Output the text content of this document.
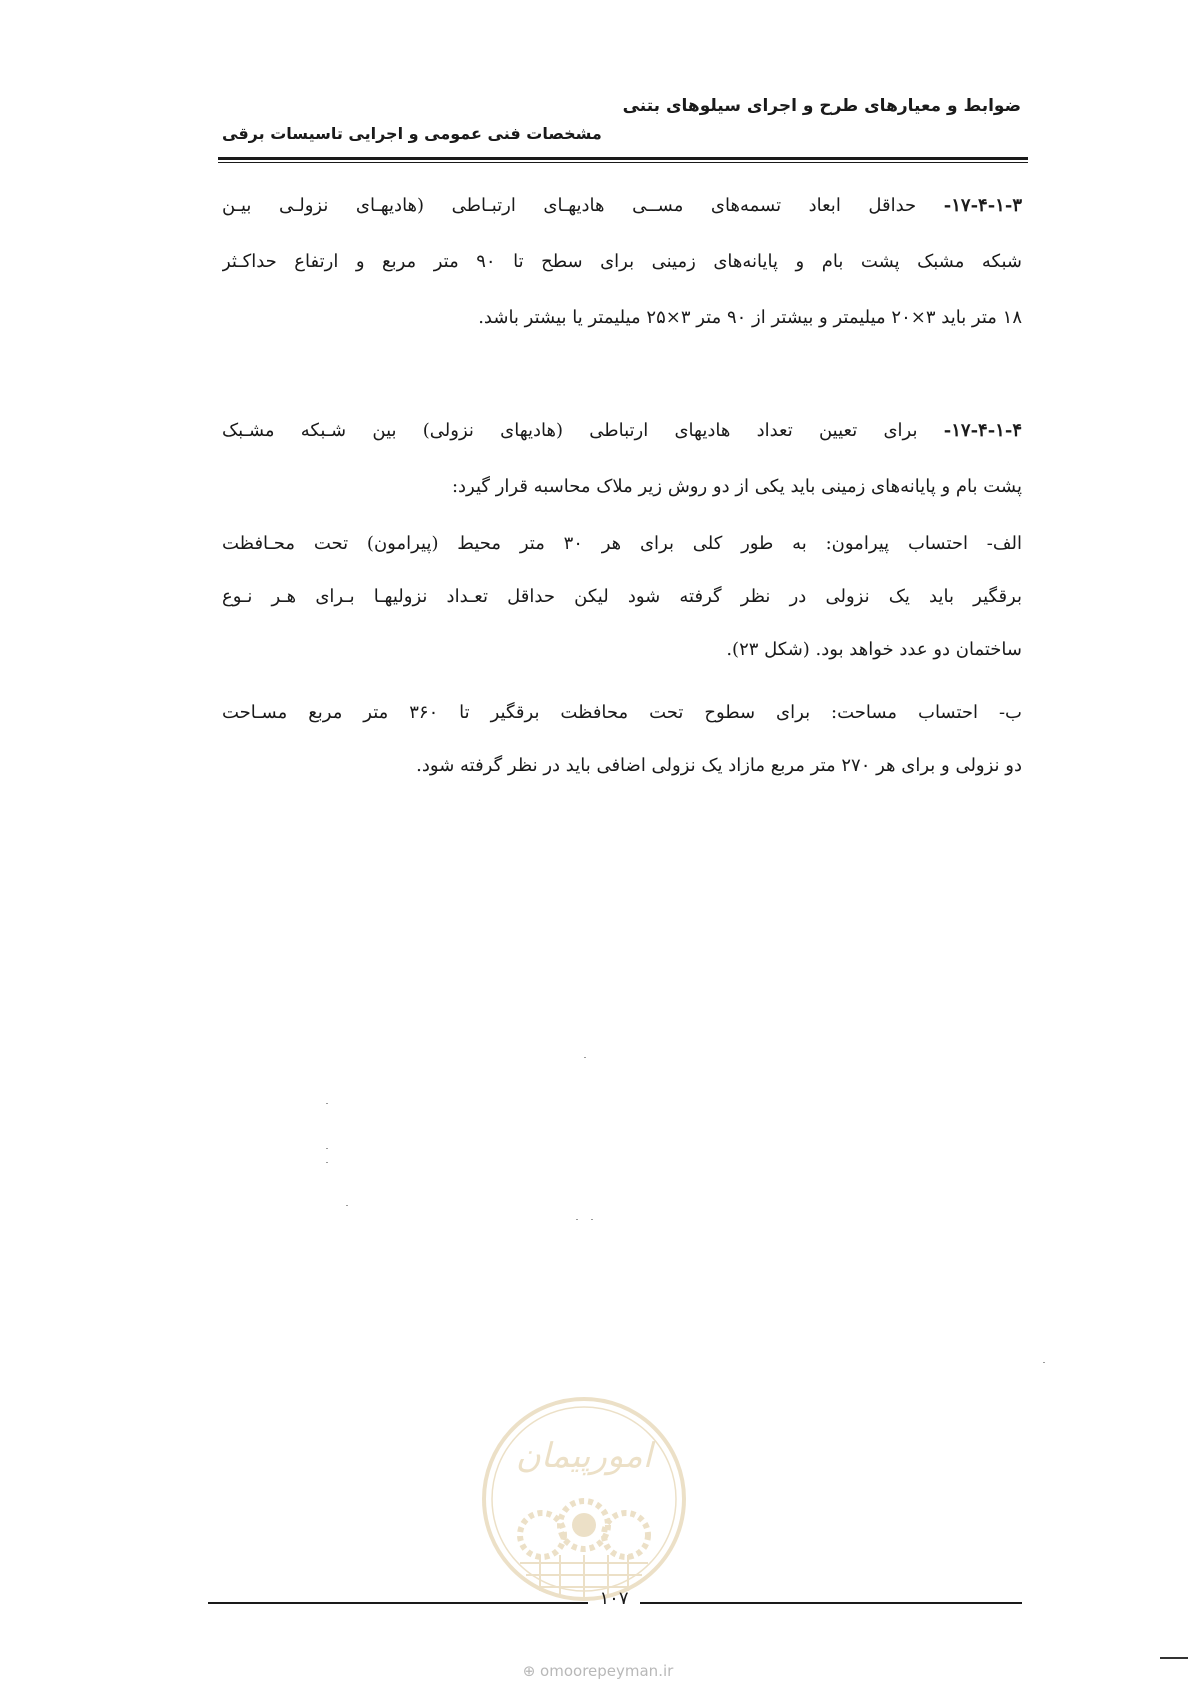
ضوابط و معیارهای طرح و اجرای سیلوهای بتنی
مشخصات فنی عمومی و اجرایی تاسیسات برقی
۱۷-۴-۱-۳- حداقل ابعاد تسمه‌های مســی هادیهـای ارتبـاطی (هادیهـای نزولـی بیـن
شبکه مشبک پشت بام و پایانه‌های زمینی برای سطح تا ۹۰ متر مربع و ارتفاع حداکـثر
۱۸ متر باید ۳×۲۰ میلیمتر و بیشتر از ۹۰ متر ۳×۲۵ میلیمتر یا بیشتر باشد.
۱۷-۴-۱-۴- برای تعیین تعداد هادیهای ارتباطی (هادیهای نزولی) بین شـبکه مشـبک
پشت بام و پایانه‌های زمینی باید یکی از دو روش زیر ملاک محاسبه قرار گیرد:
الف- احتساب پیرامون: به طور کلی برای هر ۳۰ متر محیط (پیرامون) تحت محـافظت
برقگیر باید یک نزولی در نظر گرفته شود لیکن حداقل تعـداد نزولیهـا بـرای هـر نـوع
ساختمان دو عدد خواهد بود. (شکل ۲۳).
ب- احتساب مساحت: برای سطوح تحت محافظت برقگیر تا ۳۶۰ متر مربع مسـاحت
دو نزولی و برای هر ۲۷۰ متر مربع مازاد یک نزولی اضافی باید در نظر گرفته شود.
امورپیمان
۱۰۷
⊕ omoorepeyman.ir
